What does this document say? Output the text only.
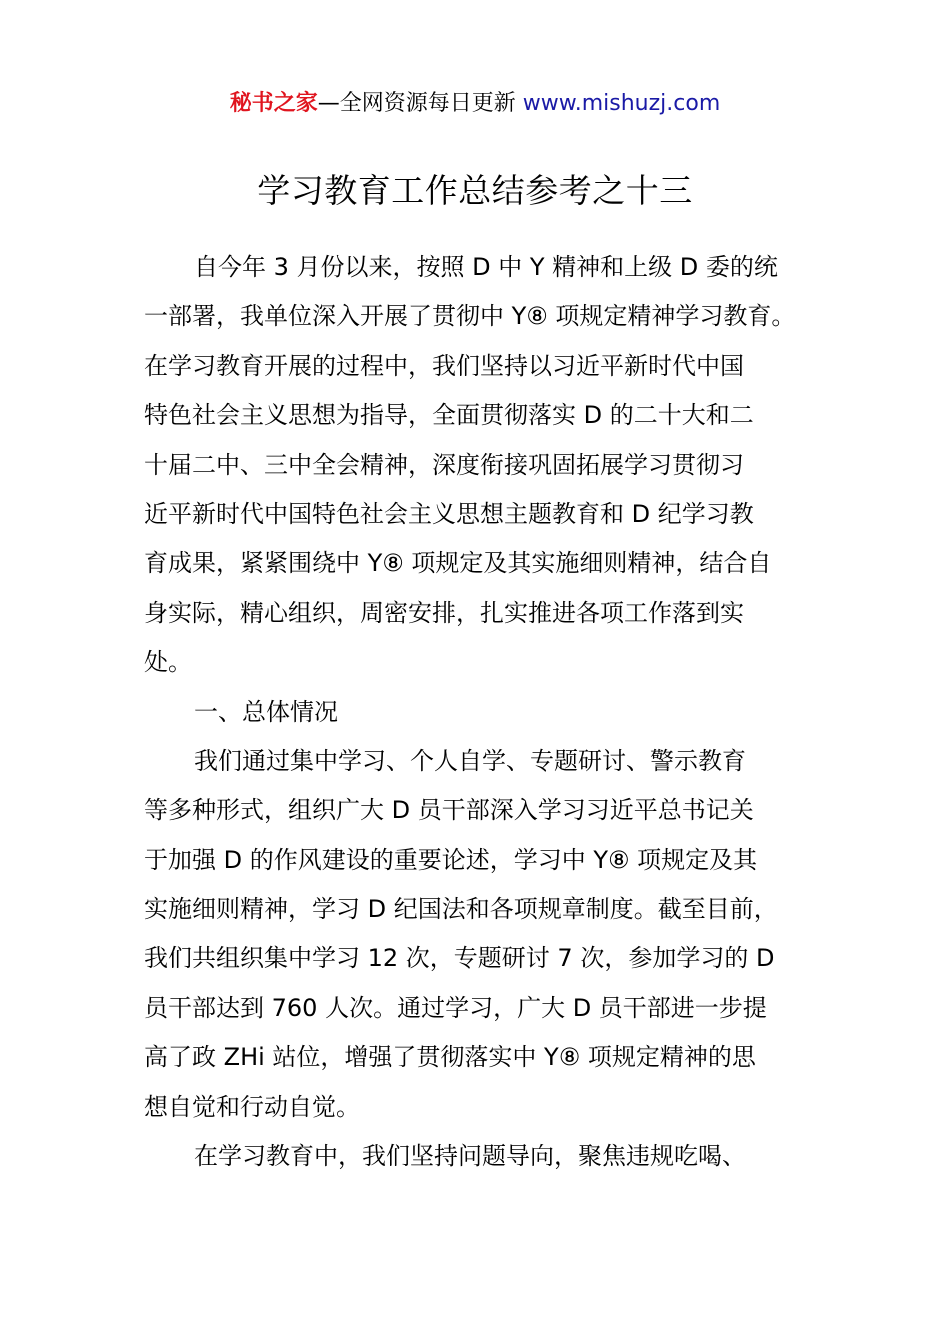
秘书之家—全网资源每日更新 www.mishuzj.com
学习教育工作总结参考之十三
自今年 3 月份以来，按照 D 中 Y 精神和上级 D 委的统
一部署，我单位深入开展了贯彻中 Y⑧ 项规定精神学习教育。
在学习教育开展的过程中，我们坚持以习近平新时代中国
特色社会主义思想为指导，全面贯彻落实 D 的二十大和二
十届二中、三中全会精神，深度衔接巩固拓展学习贯彻习
近平新时代中国特色社会主义思想主题教育和 D 纪学习教
育成果，紧紧围绕中 Y⑧ 项规定及其实施细则精神，结合自
身实际，精心组织，周密安排，扎实推进各项工作落到实
处。
一、总体情况
我们通过集中学习、个人自学、专题研讨、警示教育
等多种形式，组织广大 D 员干部深入学习习近平总书记关
于加强 D 的作风建设的重要论述，学习中 Y⑧ 项规定及其
实施细则精神，学习 D 纪国法和各项规章制度。截至目前，
我们共组织集中学习 12 次，专题研讨 7 次，参加学习的 D
员干部达到 760 人次。通过学习，广大 D 员干部进一步提
高了政 ZHi 站位，增强了贯彻落实中 Y⑧ 项规定精神的思
想自觉和行动自觉。
在学习教育中，我们坚持问题导向，聚焦违规吃喝、
